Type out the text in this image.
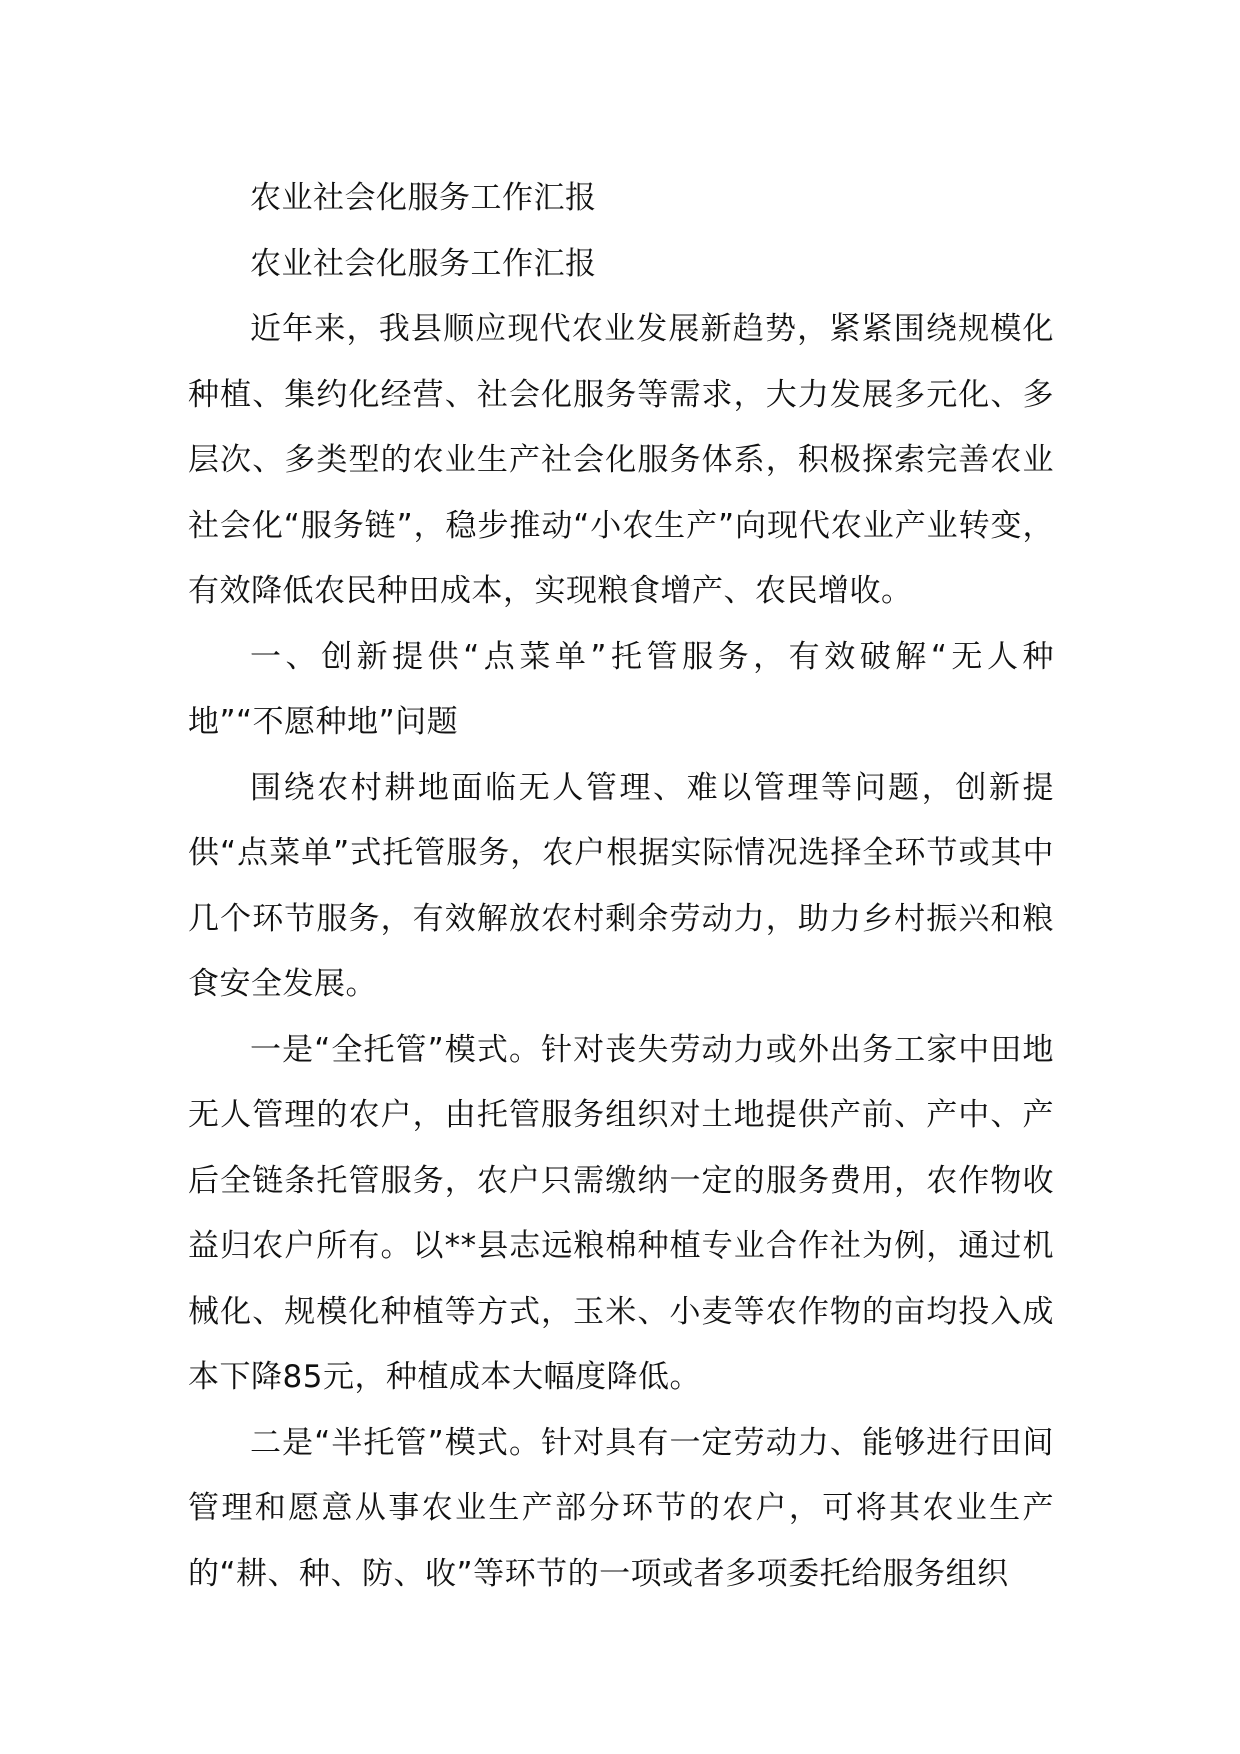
农业社会化服务工作汇报

农业社会化服务工作汇报

近年来，我县顺应现代农业发展新趋势，紧紧围绕规模化种植、集约化经营、社会化服务等需求，大力发展多元化、多层次、多类型的农业生产社会化服务体系，积极探索完善农业社会化“服务链”，稳步推动“小农生产”向现代农业产业转变，有效降低农民种田成本，实现粮食增产、农民增收。

一、创新提供“点菜单”托管服务，有效破解“无人种地”“不愿种地”问题

围绕农村耕地面临无人管理、难以管理等问题，创新提供“点菜单”式托管服务，农户根据实际情况选择全环节或其中几个环节服务，有效解放农村剩余劳动力，助力乡村振兴和粮食安全发展。

一是“全托管”模式。针对丧失劳动力或外出务工家中田地无人管理的农户，由托管服务组织对土地提供产前、产中、产后全链条托管服务，农户只需缴纳一定的服务费用，农作物收益归农户所有。以**县志远粮棉种植专业合作社为例，通过机械化、规模化种植等方式，玉米、小麦等农作物的亩均投入成本下降85元，种植成本大幅度降低。

二是“半托管”模式。针对具有一定劳动力、能够进行田间管理和愿意从事农业生产部分环节的农户，可将其农业生产的“耕、种、防、收”等环节的一项或者多项委托给服务组织
